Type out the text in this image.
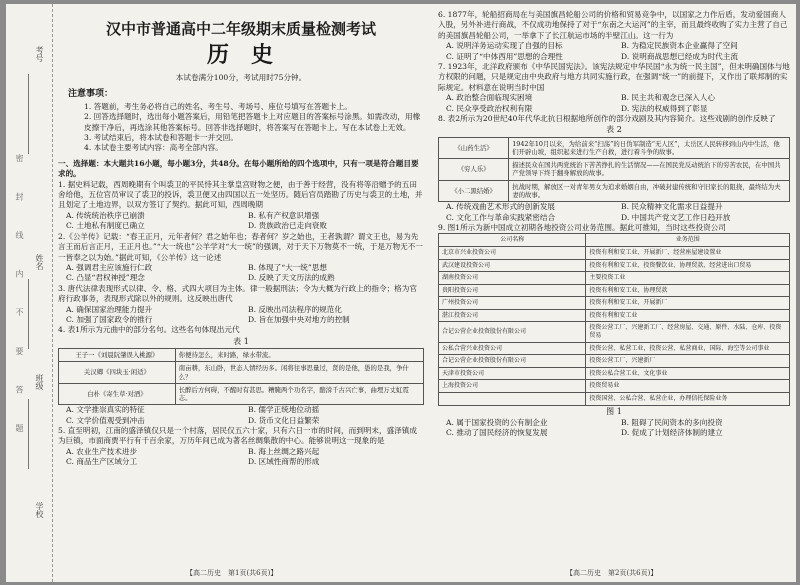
考号
姓名
班级
学校
密 封 线 内 不 要 答 题
汉中市普通高中二年级期末质量检测考试
历史
本试卷满分100分，考试用时75分钟。
注意事项：

1. 答题前，考生务必将自己的姓名、考生号、考场号、座位号填写在答题卡上。

2. 回答选择题时，选出每小题答案后，用铅笔把答题卡上对应题目的答案标号涂黑。如需改动，用橡皮擦干净后，再选涂其他答案标号。回答非选择题时，将答案写在答题卡上。写在本试卷上无效。

3. 考试结束后，将本试卷和答题卡一并交回。

4. 本试卷主要考试内容：高考全部内容。

一、选择题：本大题共16小题，每小题3分，共48分。在每小题所给的四个选项中，只有一项是符合题目要求的。

1. 据史料记载，西周晚期有个叫裘卫的平民恃其主掌皇宫财物之便，由于善于经营，没有将等沿赠予的五田舍给他，五位官员审议了裘卫的投诉，裘卫便又由四国以五一处坚历。随后官员踏勘了历史与裘卫的土地，并且划定了土地边界，以双方签订了契约。据此可知，西周晚期

A. 传统统治秩序已崩溃	B. 私有产权意识增强
C. 土地私有制度已确立	D. 贵族政治已走向衰败

2.《公羊传》记载：“春王正月，元年者何？君之始年也；春者何？岁之始也，王者孰谓？谓文王也，易为先言王而后言正月，王正月也。”“大一统也”公羊学对“大一统”的强调，对于天下万物莫不一统，于是万物无不一一皆奉之以为始。”据此可知，《公羊传》这一论述

A. 强调君主应该施行仁政	B. 体现了“大一统”思想
C. 凸显“君权神授”理念	D. 反映了天文历法的成熟

3. 唐代法律表现形式以律、令、格、式四大项目为主体。律一般据刑法；令为大概为行政上的指令；格为官府行政事务，表现形式除以外的规则。这反映出唐代

A. 确保国家治理能力提升	B. 反映出司法程序的规范化
C. 加强了国家政令的推行	D. 旨在加强中央对地方的控制

4. 表1所示为元曲中的部分名句。这些名句体现出元代

表 1
王子一《刘晨阮肇误入桃源》	你便待怎么，来时路，绿水带流。
关汉卿《四块玉·闲适》	南亩耕，东山卧，世态人情经历多。闲将往事思量过，贤的是他，愚的是我，争什么？
白朴《寄生草·对酒》	长醉后方何碍，不醒时有甚思。糟腌两个功名字，醅渰千古兴亡事，曲埋万丈虹霓志。
A. 文学推崇真实的特征	B. 儒学正统地位动摇
C. 文学价值观受到冲击	D. 货币文化日益繁荣

5. 直至明初，江南的盛泽镇仅只是一个村落，居民仅五六十家，只有六日一市的时间，而到明末，盛泽镇成为巨镇，市面商贾平行有千百余家，万历年间已成为著名丝绸集散的中心。能够说明这一现象的是

A. 农业生产技术进步	B. 海上丝绸之路兴起
C. 商品生产区域分工	D. 区域性商帮的形成
【高二历史　第1页(共6页)】

6. 1877年，轮船招商局在与美国旗昌轮船公司的价格和贸易竞争中，以国家之力作后盾，发动爱国商人入股，另外补进行商战，不仅成功地保持了对于“东南之大运河”的主宰，而且最终收购了实力主营了自己的美国旗昌轮船公司，一举拿下了长江航运市场的半壁江山。这一行为

A. 说明洋务运动实现了自强的目标	B. 为稳定民族资本企业赢得了空间
C. 证明了“中体西用”思想的合理性	D. 说明商战思想已经成为时代主流

7. 1923年，北洋政府颁布《中华民国宪法》。该宪法规定中华民国“永为统一民主国”，但未明确国体与地方权限的问题，只是规定由中央政府与地方共同实施行政，在强调“统一”的前提下，又作出了联邦制的实际规定。材料意在说明当时中国

A. 政治整合面临现实困境	B. 民主共和观念已深入人心
C. 民众享受政治权利有限	D. 宪法的权威得到了彰显

8. 表2所示为20世纪40年代华北抗日根据地所创作的部分戏剧及其内容简介。这些戏剧的创作反映了

表 2
《山药生活》	1942年10月以来，为给前来“扫荡”的日伪军制造“无人区”，太岳区人民转移到山内中生活，他们开辟山坡，组织起来进行生产自救，进行着斗争的故事。
《穷人乐》	描述民众在国共两党统治下苦苦挣扎的生活情况——在国民党反动统治下的穷苦农民，在中国共产党领导下终于翻身解放的故事。
《小二黑结婚》	抗战时期，解放区一对青年男女为追求婚姻自由，冲破封建传统和守旧家长的阻挠，最终结为夫妻的故事。
A. 传统戏曲艺术形式的创新发展	B. 民众精神文化需求日益提升
C. 文化工作与革命实践紧密结合	D. 中国共产党文艺工作日趋开放

9. 图1所示为新中国成立初期各地投资公司业务范围。据此可推知，当时这些投资公司

公司名称	业务范围
北京市兴业投资公司	投资有利和安工业、开展新厂、经营座屋建设置业
武汉建设投资公司	投资有利和安工业、投资餐饮业、协理贸款、经营进出口贸易
湖南投资公司	主要投资工业
贵阳投资公司	投资有利和安工业、协理贸款
广州投资公司	投资有利和安工业、开展新厂
湛江投资公司	投资有利和安工业
合记公营企业投资股份有限公司	投资公营工厂、兴建新工厂、经营房屋、交通、原件、水陆、仓库、投资贸易
公私合营兴业投资公司	投资公营、私营工业，投资公营、私营商业，国际、海空等公司事业
合记公营企业投资股份有限公司	投资公营工厂，兴建新厂
天津市投资公司	投资公私合营工业、文化事业
上海投资公司	投资贸易业
	投资国营、公私合营、私营企业，办理信托保险业务
图 1
A. 属于国家投资的公有制企业	B. 阻碍了民间资本的多向投资
C. 推动了国民经济的恢复发展	D. 促成了计划经济体制的建立
【高二历史　第2页(共6页)】
